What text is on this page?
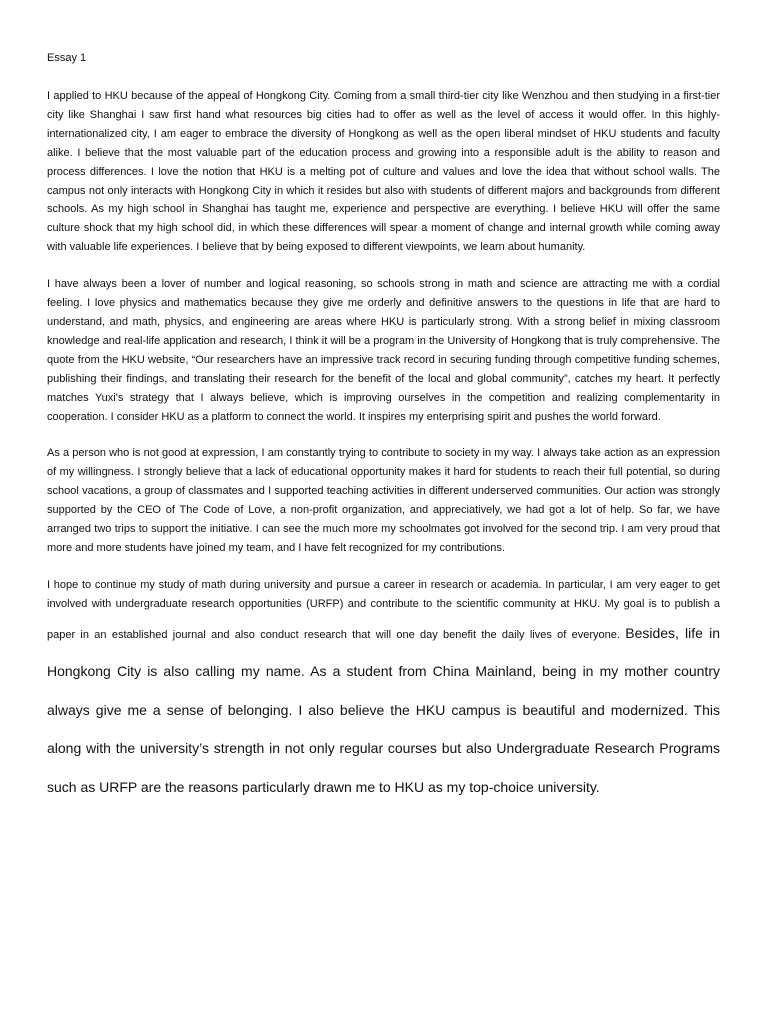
Essay 1

I applied to HKU because of the appeal of Hongkong City. Coming from a small third-tier city like Wenzhou and then studying in a first-tier city like Shanghai I saw first hand what resources big cities had to offer as well as the level of access it would offer. In this highly-internationalized city, I am eager to embrace the diversity of Hongkong as well as the open liberal mindset of HKU students and faculty alike. I believe that the most valuable part of the education process and growing into a responsible adult is the ability to reason and process differences. I love the notion that HKU is a melting pot of culture and values and love the idea that without school walls. The campus not only interacts with Hongkong City in which it resides but also with students of different majors and backgrounds from different schools. As my high school in Shanghai has taught me, experience and perspective are everything. I believe HKU will offer the same culture shock that my high school did, in which these differences will spear a moment of change and internal growth while coming away with valuable life experiences. I believe that by being exposed to different viewpoints, we learn about humanity.

I have always been a lover of number and logical reasoning, so schools strong in math and science are attracting me with a cordial feeling. I love physics and mathematics because they give me orderly and definitive answers to the questions in life that are hard to understand, and math, physics, and engineering are areas where HKU is particularly strong. With a strong belief in mixing classroom knowledge and real-life application and research, I think it will be a program in the University of Hongkong that is truly comprehensive. The quote from the HKU website, “Our researchers have an impressive track record in securing funding through competitive funding schemes, publishing their findings, and translating their research for the benefit of the local and global community”, catches my heart. It perfectly matches Yuxi's strategy that I always believe, which is improving ourselves in the competition and realizing complementarity in cooperation. I consider HKU as a platform to connect the world. It inspires my enterprising spirit and pushes the world forward.

As a person who is not good at expression, I am constantly trying to contribute to society in my way. I always take action as an expression of my willingness. I strongly believe that a lack of educational opportunity makes it hard for students to reach their full potential, so during school vacations, a group of classmates and I supported teaching activities in different underserved communities. Our action was strongly supported by the CEO of The Code of Love, a non-profit organization, and appreciatively, we had got a lot of help. So far, we have arranged two trips to support the initiative. I can see the much more my schoolmates got involved for the second trip. I am very proud that more and more students have joined my team, and I have felt recognized for my contributions.

I hope to continue my study of math during university and pursue a career in research or academia. In particular, I am very eager to get involved with undergraduate research opportunities (URFP) and contribute to the scientific community at HKU. My goal is to publish a paper in an established journal and also conduct research that will one day benefit the daily lives of everyone. Besides, life in Hongkong City is also calling my name. As a student from China Mainland, being in my mother country always give me a sense of belonging. I also believe the HKU campus is beautiful and modernized. This along with the university’s strength in not only regular courses but also Undergraduate Research Programs such as URFP are the reasons particularly drawn me to HKU as my top-choice university.
